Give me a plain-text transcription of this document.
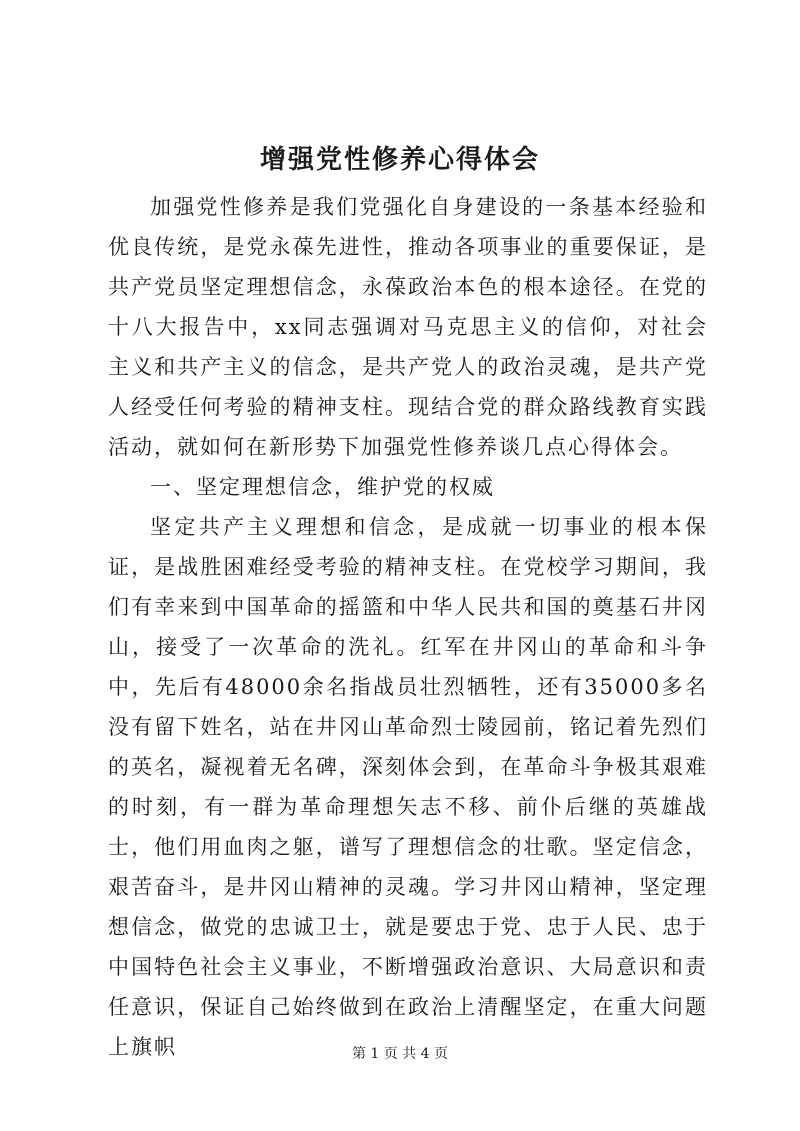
增强党性修养心得体会

加强党性修养是我们党强化自身建设的一条基本经验和优良传统，是党永葆先进性，推动各项事业的重要保证，是共产党员坚定理想信念，永葆政治本色的根本途径。在党的十八大报告中，xx同志强调对马克思主义的信仰，对社会主义和共产主义的信念，是共产党人的政治灵魂，是共产党人经受任何考验的精神支柱。现结合党的群众路线教育实践活动，就如何在新形势下加强党性修养谈几点心得体会。

一、坚定理想信念，维护党的权威

坚定共产主义理想和信念，是成就一切事业的根本保证，是战胜困难经受考验的精神支柱。在党校学习期间，我们有幸来到中国革命的摇篮和中华人民共和国的奠基石井冈山，接受了一次革命的洗礼。红军在井冈山的革命和斗争中，先后有48000余名指战员壮烈牺牲，还有35000多名没有留下姓名，站在井冈山革命烈士陵园前，铭记着先烈们的英名，凝视着无名碑，深刻体会到，在革命斗争极其艰难的时刻，有一群为革命理想矢志不移、前仆后继的英雄战士，他们用血肉之躯，谱写了理想信念的壮歌。坚定信念，艰苦奋斗，是井冈山精神的灵魂。学习井冈山精神，坚定理想信念，做党的忠诚卫士，就是要忠于党、忠于人民、忠于中国特色社会主义事业，不断增强政治意识、大局意识和责任意识，保证自己始终做到在政治上清醒坚定，在重大问题上旗帜	第 1 页 共 4 页
